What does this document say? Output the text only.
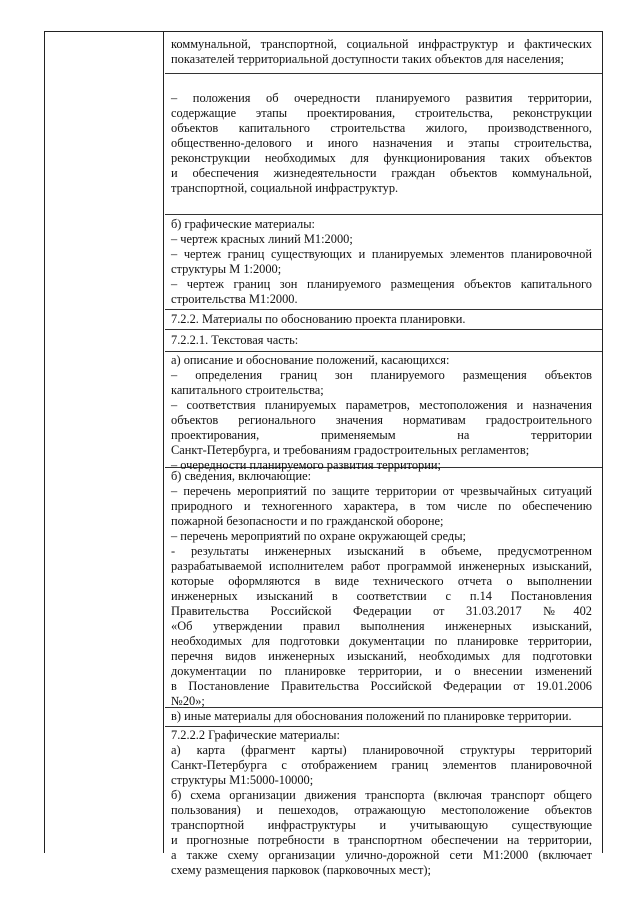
коммунальной, транспортной, социальной инфраструктур и фактических
показателей территориальной доступности таких объектов для населения;
– положения об очередности планируемого развития территории,
содержащие этапы проектирования, строительства, реконструкции
объектов капитального строительства жилого, производственного,
общественно-делового и иного назначения и этапы строительства,
реконструкции необходимых для функционирования таких объектов
и обеспечения жизнедеятельности граждан объектов коммунальной,
транспортной, социальной инфраструктур.
б) графические материалы:
– чертеж красных линий М1:2000;
– чертеж границ существующих и планируемых элементов планировочной
структуры М 1:2000;
– чертеж границ зон планируемого размещения объектов капитального
строительства М1:2000.
7.2.2. Материалы по обоснованию проекта планировки.
7.2.2.1. Текстовая часть:
а) описание и обоснование положений, касающихся:
– определения границ зон планируемого размещения объектов
капитального строительства;
– соответствия планируемых параметров, местоположения и назначения
объектов регионального значения нормативам градостроительного
проектирования, применяемым на территории
Санкт-Петербурга, и требованиям градостроительных регламентов;
– очередности планируемого развития территории;
б) сведения, включающие:
– перечень мероприятий по защите территории от чрезвычайных ситуаций
природного и техногенного характера, в том числе по обеспечению
пожарной безопасности и по гражданской обороне;
– перечень мероприятий по охране окружающей среды;
- результаты инженерных изысканий в объеме, предусмотренном
разрабатываемой исполнителем работ программой инженерных изысканий,
которые оформляются в виде технического отчета о выполнении
инженерных изысканий в соответствии с п.14 Постановления
Правительства Российской Федерации от 31.03.2017 №402
«Об утверждении правил выполнения инженерных изысканий,
необходимых для подготовки документации по планировке территории,
перечня видов инженерных изысканий, необходимых для подготовки
документации по планировке территории, и о внесении изменений
в Постановление Правительства Российской Федерации от 19.01.2006
№20»;
в) иные материалы для обоснования положений по планировке территории.
7.2.2.2 Графические материалы:
а) карта (фрагмент карты) планировочной структуры территорий
Санкт-Петербурга с отображением границ элементов планировочной
структуры М1:5000-10000;
б) схема организации движения транспорта (включая транспорт общего
пользования) и пешеходов, отражающую местоположение объектов
транспортной инфраструктуры и учитывающую существующие
и прогнозные потребности в транспортном обеспечении на территории,
а также схему организации улично-дорожной сети М1:2000 (включает
схему размещения парковок (парковочных мест);
